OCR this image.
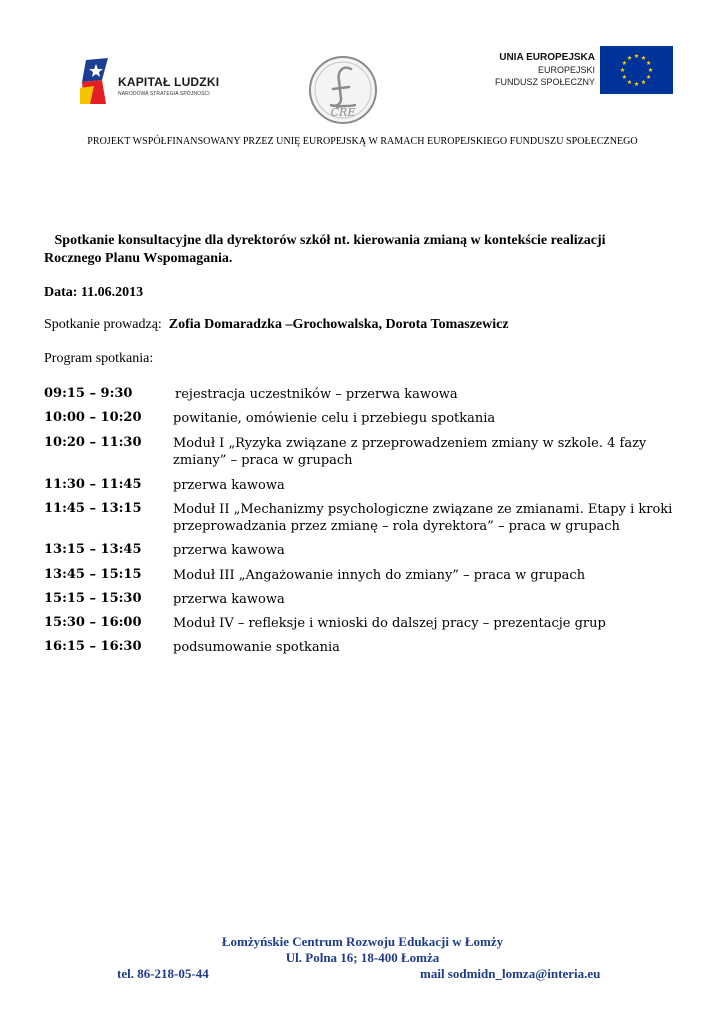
KAPITAŁ LUDZKI
NARODOWA STRATEGIA SPÓJNOŚCI
CRE
UNIA EUROPEJSKA
EUROPEJSKI
FUNDUSZ SPOŁECZNY
PROJEKT WSPÓŁFINANSOWANY PRZEZ UNIĘ EUROPEJSKĄ W RAMACH EUROPEJSKIEGO FUNDUSZU SPOŁECZNEGO
Spotkanie konsultacyjne dla dyrektorów szkół nt. kierowania zmianą w kontekście realizacji
Rocznego Planu Wspomagania.
Data: 11.06.2013
Spotkanie prowadzą: Zofia Domaradzka –Grochowalska, Dorota Tomaszewicz
Program spotkania:
09:15 – 9:30	rejestracja uczestników – przerwa kawowa
10:00 – 10:20 powitanie, omówienie celu i przebiegu spotkania
10:20 – 11:30 Moduł I „Ryzyka związane z przeprowadzeniem zmiany w szkole. 4 fazy zmiany” – praca w grupach
11:30 – 11:45 przerwa kawowa
11:45 – 13:15 Moduł II „Mechanizmy psychologiczne związane ze zmianami. Etapy i kroki przeprowadzania przez zmianę – rola dyrektora” – praca w grupach
13:15 – 13:45 przerwa kawowa
13:45 – 15:15 Moduł III „Angażowanie innych do zmiany” – praca w grupach
15:15 – 15:30 przerwa kawowa
15:30 – 16:00 Moduł IV – refleksje i wnioski do dalszej pracy – prezentacje grup
16:15 – 16:30 podsumowanie spotkania
Łomżyńskie Centrum Rozwoju Edukacji w Łomży
Ul. Polna 16; 18-400 Łomża
tel. 86-218-05-44	mail sodmidn_lomza@interia.eu
